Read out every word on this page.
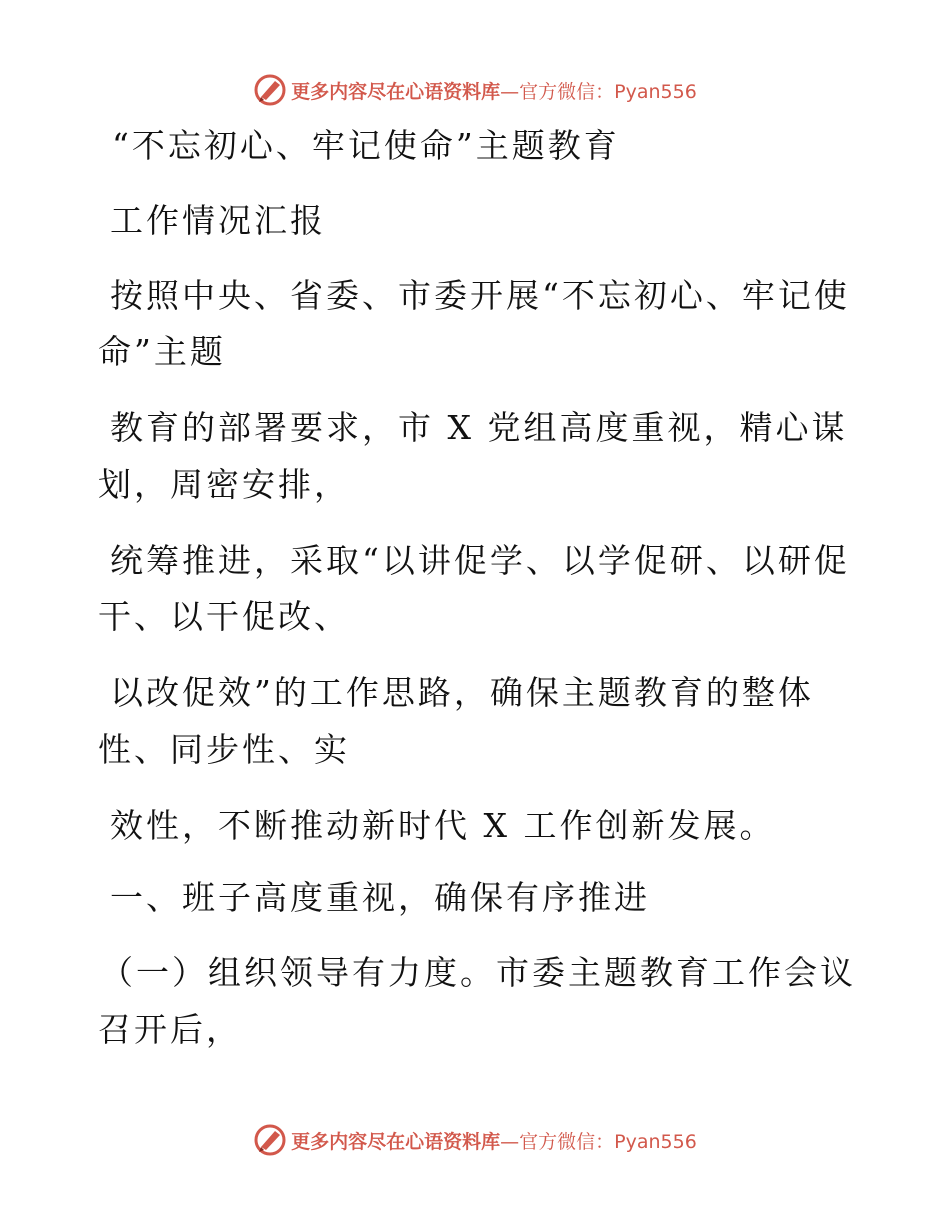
更多内容尽在心语资料库 —官方微信：Pyan556
“不忘初心、牢记使命”主题教育
工作情况汇报
按照中央、省委、市委开展“不忘初心、牢记使
命”主题
教育的部署要求，市 X 党组高度重视，精心谋
划，周密安排，
统筹推进，采取“以讲促学、以学促研、以研促
干、以干促改、
以改促效”的工作思路，确保主题教育的整体
性、同步性、实
效性，不断推动新时代 X 工作创新发展。
一、班子高度重视，确保有序推进
（一）组织领导有力度。市委主题教育工作会议
召开后，
更多内容尽在心语资料库 —官方微信：Pyan556
